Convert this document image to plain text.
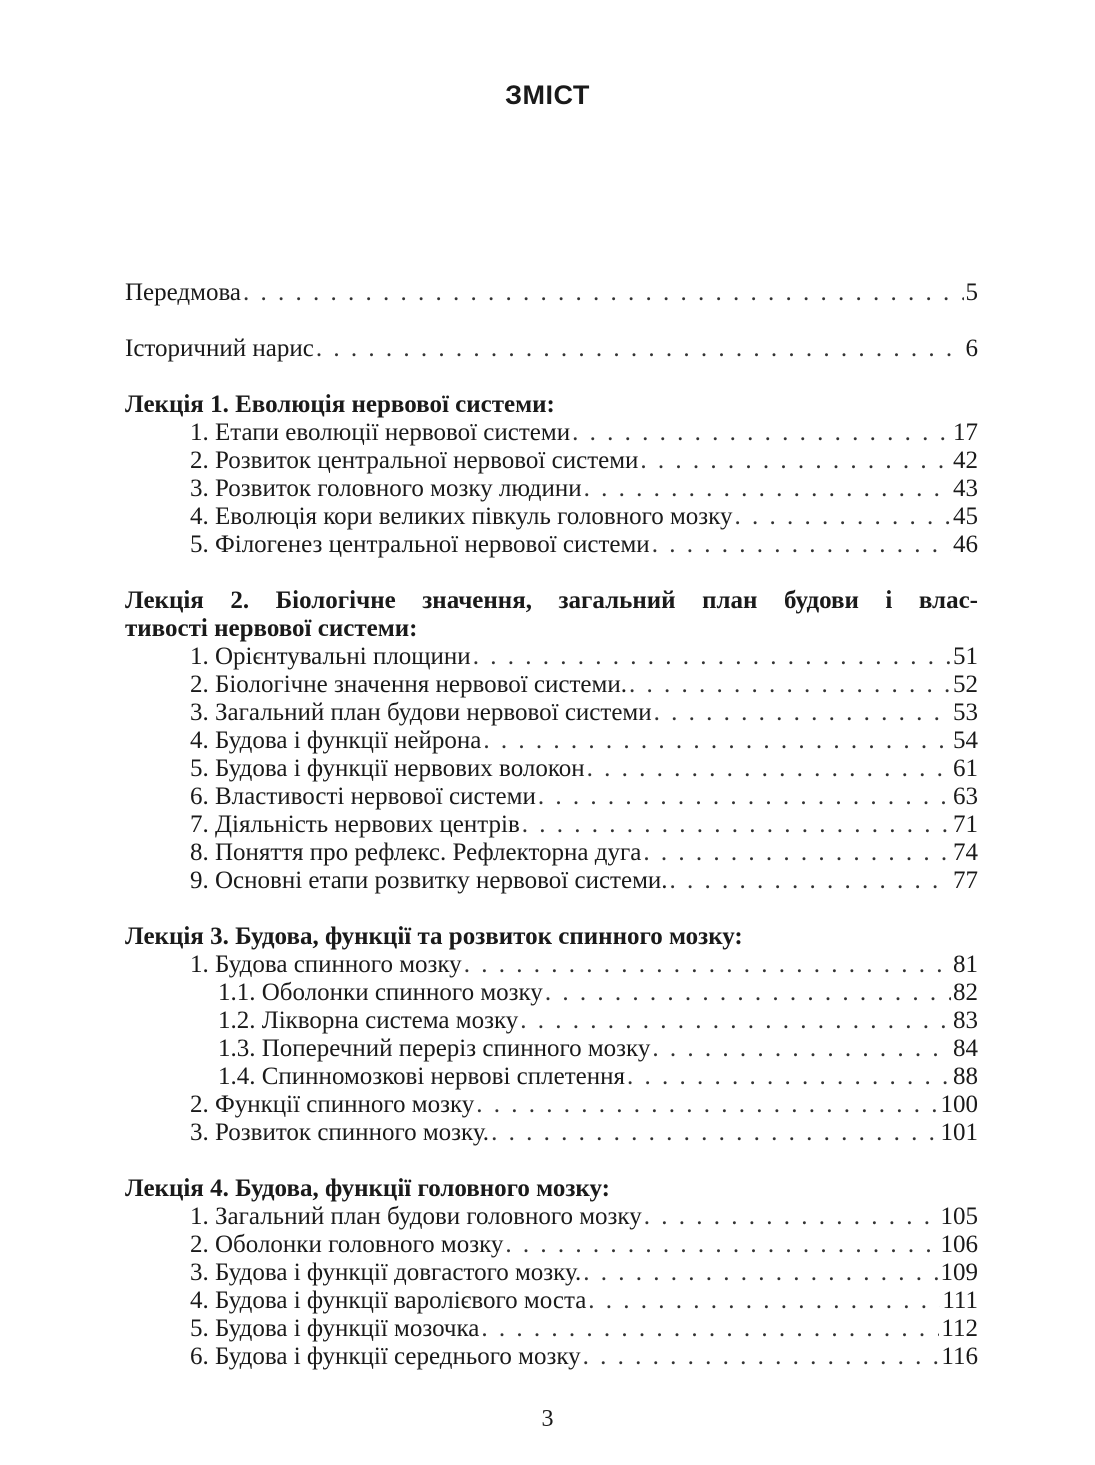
ЗМІСТ
Передмова . . .	5
Історичний нарис . . .	6
Лекція 1. Еволюція нервової системи:
1. Етапи еволюції нервової системи . . .	17
2. Розвиток центральної нервової системи . . .	42
3. Розвиток головного мозку людини . . .	43
4. Еволюція кори великих півкуль головного мозку . . .	45
5. Філогенез центральної нервової системи . . .	46
Лекція 2. Біологічне значення, загальний план будови і влас-
тивості нервової системи:
1. Орієнтувальні площини . . .	51
2. Біологічне значення нервової системи. . . .	52
3. Загальний план будови нервової системи . . .	53
4. Будова і функції нейрона . . .	54
5. Будова і функції нервових волокон . . .	61
6. Властивості нервової системи . . .	63
7. Діяльність нервових центрів . . .	71
8. Поняття про рефлекс. Рефлекторна дуга . . .	74
9. Основні етапи розвитку нервової системи. . . .	77
Лекція 3. Будова, функції та розвиток спинного мозку:
1. Будова спинного мозку . . .	81
1.1. Оболонки спинного мозку . . .	82
1.2. Лікворна система мозку . . .	83
1.3. Поперечний переріз спинного мозку . . .	84
1.4. Спинномозкові нервові сплетення . . .	88
2. Функції спинного мозку . . .	100
3. Розвиток спинного мозку. . . .	101
Лекція 4. Будова, функції головного мозку:
1. Загальний план будови головного мозку . . .	105
2. Оболонки головного мозку . . .	106
3. Будова і функції довгастого мозку. . . .	109
4. Будова і функції варолієвого моста . . .	111
5. Будова і функції мозочка . . .	112
6. Будова і функції середнього мозку . . .	116
3
